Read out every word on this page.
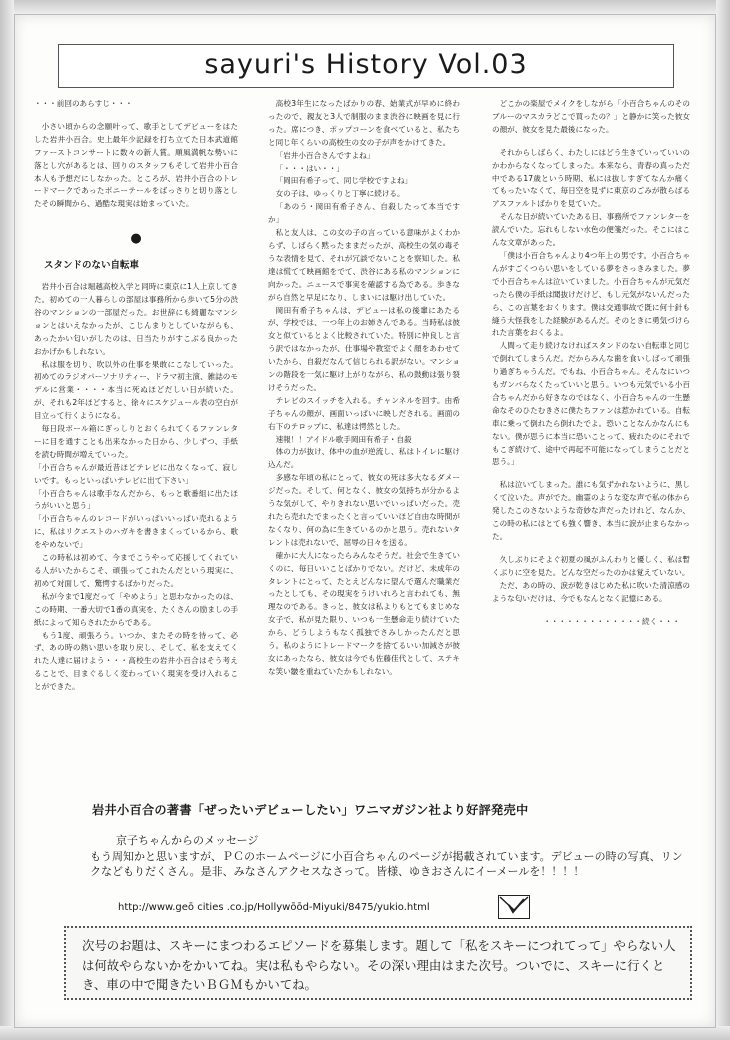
sayuri's History Vol.03

・・・前回のあらすじ・・・

小さい頃からの念願叶って、歌手としてデビューをはたした岩井小百合。史上最年少記録を打ち立てた日本武道館ファーストコンサートに数々の新人賞。順風満帆な勢いに落とし穴があるとは、回りのスタッフもそして岩井小百合本人も予想だにしなかった。ところが、岩井小百合のトレードマークであったポニーテールをばっさりと切り落としたその瞬間から、過酷な現実は始まっていた。

●
スタンドのない自転車

岩井小百合は堀越高校入学と同時に東京に1人上京してきた。初めての一人暮らしの部屋は事務所から歩いて5分の渋谷のマンションの一部屋だった。お世辞にも綺麗なマンションとはいえなかったが、こじんまりとしていながらも、あったかい匂いがしたのは、日当たりがすこぶる良かったおかげかもしれない。

私は服を切り、吹以外の仕事を果敢にこなしていった。初めてのラジオパーソナリティー、ドラマ初主演、雑誌のモデルに営業・・・・本当に死ぬほどだしい日が続いた。が、それも2年ほどすると、徐々にスケジュール表の空白が目立って行くようになる。

毎日段ボール箱にぎっしりとおくられてくるファンレターに目を通すことも出来なかった日から、少しずつ、手紙を読む時間が増えていった。

「小百合ちゃんが最近昔ほどテレビに出なくなって、寂しいです。もっといっぱいテレビに出て下さい」

「小百合ちゃんは歌手なんだから、もっと歌番組に出たほうがいいと思う」

「小百合ちゃんのレコードがいっぱいいっぱい売れるように、私はリクエストのハガキを書きまくっているから、歌をやめないで」

この時私は初めて、今までこうやって応援してくれている人がいたからこそ、頑張ってこれたんだという現実に、初めて対面して、驚愕するばかりだった。

私が今まで1度だって「やめよう」と思わなかったのは、この時期、一番大切で1番の真実を、たくさんの励ましの手紙によって知らされたからである。

もう1度、頑張ろう。いつか、またその時を待って、必ず、あの時の熱い思いを取り戻し、そして、私を支えてくれた人達に届けよう・・・高校生の岩井小百合はそう考えることで、目まぐるしく変わっていく現実を受け入れることができた。

高校3年生になったばかりの春、始業式が早めに終わったので、親友と3人で制服のまま渋谷に映画を見に行った。席につき、ポップコーンを食べていると、私たちと同じ年くらいの高校生の女の子が声をかけてきた。

「岩井小百合さんですよね」

「・・・はい・・」

「岡田有希子って、同じ学校ですよね」

女の子は、ゆっくりと丁寧に続ける。

「あのう・岡田有希子さん、自殺したって本当ですか」

私と友人は、この女の子の言っている意味がよくわからず、しばらく黙ったままだったが、高校生の気の毒そうな表情を見て、それが冗談でないことを察知した。私達は慌てて映画館をでて、渋谷にある私のマンションに向かった。ニュースで事実を確認する為である。歩きながら自然と早足になり、しまいには駆け出していた。

岡田有希子ちゃんは、デビューは私の後輩にあたるが、学校では、一つ年上のお姉さんである。当時私は彼女と似ているとよく比較されていた。特別に仲良しと言う訳ではなかったが、仕事場や教室でよく顔をあわせていたから、自殺だなんて信じられる訳がない。マンションの階段を一気に駆け上がりながら、私の鼓動は張り裂けそうだった。

テレビのスイッチを入れる。チャンネルを回す。由希子ちゃんの顔が、画面いっぱいに映しだされる。画面の右下のテロップに、私達は愕然とした。

速報！！アイドル歌手岡田有希子・自殺

体の力が抜け、体中の血が逆流し、私はトイレに駆け込んだ。

多感な年頃の私にとって、彼女の死は多大なるダメージだった。そして、何となく、彼女の気持ちが分かるような気がして、やりきれない思いでいっぱいだった。売れたら売れたでまったくと言っていいほど自由な時間がなくなり、何の為に生きているのかと思う。売れないタレントは売れないで、屈辱の日々を送る。

確かに大人になったらみんなそうだ。社会で生きていくのに、毎日いいことばかりでない。だけど、未成年のタレントにとって、たとえどんなに望んで選んだ職業だったとしても、その現実をうけいれろと言われても、無理なのである。きっと、彼女は私よりもとてもまじめな女子で、私が見た限り、いつも一生懸命走り続けていたから、どうしようもなく孤独でさみしかったんだと思う。私のようにトレードマークを捨てるいい加減さが彼女にあったなら、彼女は今でも佐藤佳代として、ステキな笑い皺を重ねていたかもしれない。

どこかの楽屋でメイクをしながら「小百合ちゃんのそのブルーのマスカラどこで買ったの？」と静かに笑った彼女の顔が、彼女を見た最後になった。

それからしばらく、わたしにはどう生きていっていいのかわからなくなってしまった。本来なら、青春の真っただ中である17歳という時期、私には抜しすぎてなんか痛くてもったいなくて、毎日空を見ずに東京のごみが散らばるアスファルトばかりを見ていた。

そんな日が続いていたある日、事務所でファンレターを読んでいた。忘れもしない水色の便箋だった。そこにはこんな文章があった。

「僕は小百合ちゃんより4つ年上の男です。小百合ちゃんがすごくつらい思いをしている夢をさっきみました。夢で小百合ちゃんは泣いていました。小百合ちゃんが元気だったら僕の手紙は聞抜けだけど、もし元気がないんだったら、この言葉をおくります。僕は交通事故で既に何十針も縫う大怪我をした経験があるんだ。そのときに勇気づけられた言葉をおくるよ。

人間って走り続けなければスタンドのない自転車と同じで倒れてしまうんだ。だからみんな歯を食いしばって頑張り過ぎちゃうんだ。でもね、小百合ちゃん。そんなにいつもガンバらなくたっていいと思う。いつも元気でいる小百合ちゃんだから好きなのではなく、小百合ちゃんの一生懸命なそのひたむきさに僕たちファンは惹かれている。自転車に乗って倒れたら倒れたでよ。恐いことなんかなんにもない。僕が思うに本当に恐いことって、疲れたのにそれでもこぎ続けて、途中で再起不可能になってしまうことだと思う。」

私は泣いてしまった。誰にも気ずかれないように、黒しくて泣いた。声がでた。幽霊のような変な声で私の体から発したこのさないような奇妙な声だったけれど、なんか、この時の私にはとても強く響き、本当に涙が止まらなかった。

久しぶりにそよぐ初夏の風がふんわりと優しく、私は暫くぶりに空を見た。どんな空だったのかは覚えていない。

ただ、あの時の、涙が乾きはじめた私に吹いた清涼感のような匂いだけは、今でもなんとなく記憶にある。

・・・・・・・・・・・・・続く・・・

岩井小百合の著書「ぜったいデビューしたい」ワニマガジン社より好評発売中
京子ちゃんからのメッセージ
もう周知かと思いますが、ＰＣのホームページに小百合ちゃんのページが掲載されています。デビューの時の写真、リンクなどもりだくさん。是非、みなさんアクセスなさって。皆様、ゆきおさんにイーメールを！！！！
http://www.geō cities .co.jp/Hollywōōd-Miyuki/8475/yukio.html
次号のお題は、スキーにまつわるエピソードを募集します。題して「私をスキーにつれてって」やらない人は何故やらないかをかいてね。実は私もやらない。その深い理由はまた次号。ついでに、スキーに行くとき、車の中で聞きたいＢＧＭもかいてね。
